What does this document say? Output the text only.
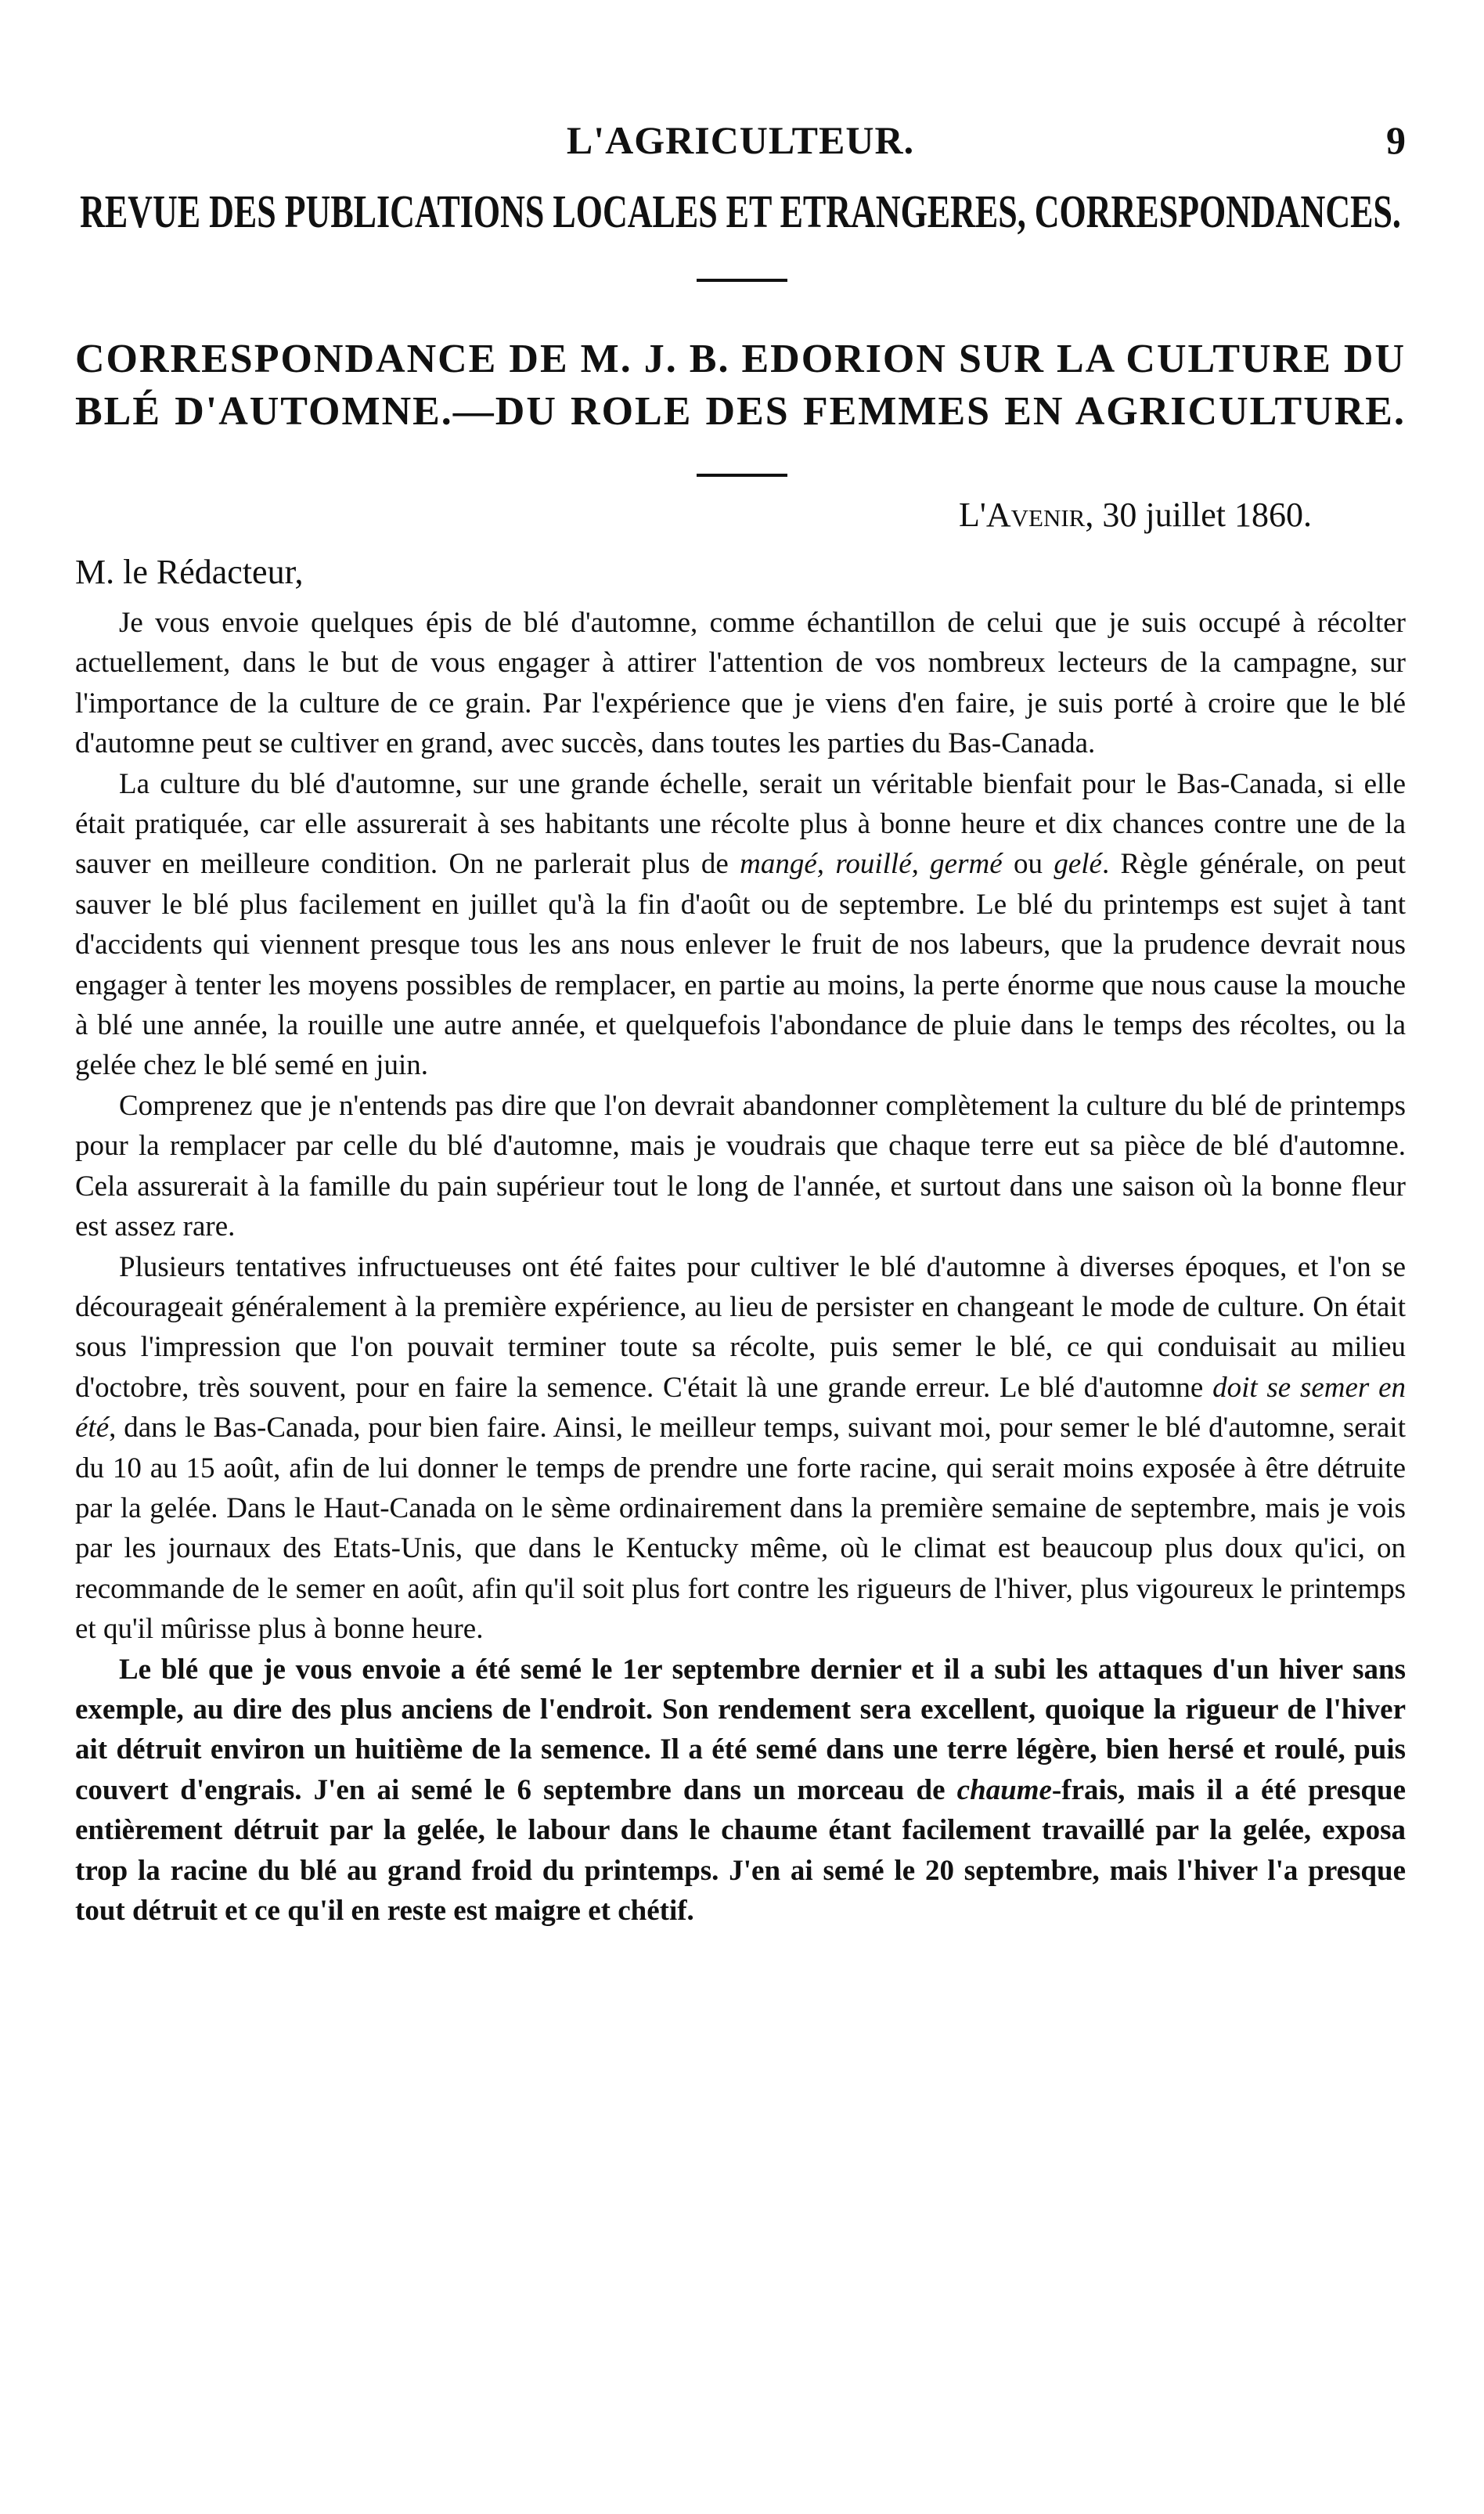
L'AGRICULTEUR.	9
REVUE DES PUBLICATIONS LOCALES ET ETRANGERES, CORRESPONDANCES.
CORRESPONDANCE DE M. J. B. EDORION SUR LA CULTURE DU BLÉ D'AUTOMNE.—DU ROLE DES FEMMES EN AGRICULTURE.
L'Avenir, 30 juillet 1860.
M. le Rédacteur,

Je vous envoie quelques épis de blé d'automne, comme échantillon de celui que je suis occupé à récolter actuellement, dans le but de vous engager à attirer l'attention de vos nombreux lecteurs de la campagne, sur l'importance de la culture de ce grain. Par l'expérience que je viens d'en faire, je suis porté à croire que le blé d'automne peut se cultiver en grand, avec succès, dans toutes les parties du Bas-Canada.

La culture du blé d'automne, sur une grande échelle, serait un véritable bienfait pour le Bas-Canada, si elle était pratiquée, car elle assurerait à ses habitants une récolte plus à bonne heure et dix chances contre une de la sauver en meilleure condition. On ne parlerait plus de mangé, rouillé, germé ou gelé. Règle générale, on peut sauver le blé plus facilement en juillet qu'à la fin d'août ou de septembre. Le blé du printemps est sujet à tant d'accidents qui viennent presque tous les ans nous enlever le fruit de nos labeurs, que la prudence devrait nous engager à tenter les moyens possibles de remplacer, en partie au moins, la perte énorme que nous cause la mouche à blé une année, la rouille une autre année, et quelquefois l'abondance de pluie dans le temps des récoltes, ou la gelée chez le blé semé en juin.

Comprenez que je n'entends pas dire que l'on devrait abandonner complètement la culture du blé de printemps pour la remplacer par celle du blé d'automne, mais je voudrais que chaque terre eut sa pièce de blé d'automne. Cela assurerait à la famille du pain supérieur tout le long de l'année, et surtout dans une saison où la bonne fleur est assez rare.

Plusieurs tentatives infructueuses ont été faites pour cultiver le blé d'automne à diverses époques, et l'on se décourageait généralement à la première expérience, au lieu de persister en changeant le mode de culture. On était sous l'impression que l'on pouvait terminer toute sa récolte, puis semer le blé, ce qui conduisait au milieu d'octobre, très souvent, pour en faire la semence. C'était là une grande erreur. Le blé d'automne doit se semer en été, dans le Bas-Canada, pour bien faire. Ainsi, le meilleur temps, suivant moi, pour semer le blé d'automne, serait du 10 au 15 août, afin de lui donner le temps de prendre une forte racine, qui serait moins exposée à être détruite par la gelée. Dans le Haut-Canada on le sème ordinairement dans la première semaine de septembre, mais je vois par les journaux des Etats-Unis, que dans le Kentucky même, où le climat est beaucoup plus doux qu'ici, on recommande de le semer en août, afin qu'il soit plus fort contre les rigueurs de l'hiver, plus vigoureux le printemps et qu'il mûrisse plus à bonne heure.

Le blé que je vous envoie a été semé le 1er septembre dernier et il a subi les attaques d'un hiver sans exemple, au dire des plus anciens de l'endroit. Son rendement sera excellent, quoique la rigueur de l'hiver ait détruit environ un huitième de la semence. Il a été semé dans une terre légère, bien hersé et roulé, puis couvert d'engrais. J'en ai semé le 6 septembre dans un morceau de chaume-frais, mais il a été presque entièrement détruit par la gelée, le labour dans le chaume étant facilement travaillé par la gelée, exposa trop la racine du blé au grand froid du printemps. J'en ai semé le 20 septembre, mais l'hiver l'a presque tout détruit et ce qu'il en reste est maigre et chétif.
